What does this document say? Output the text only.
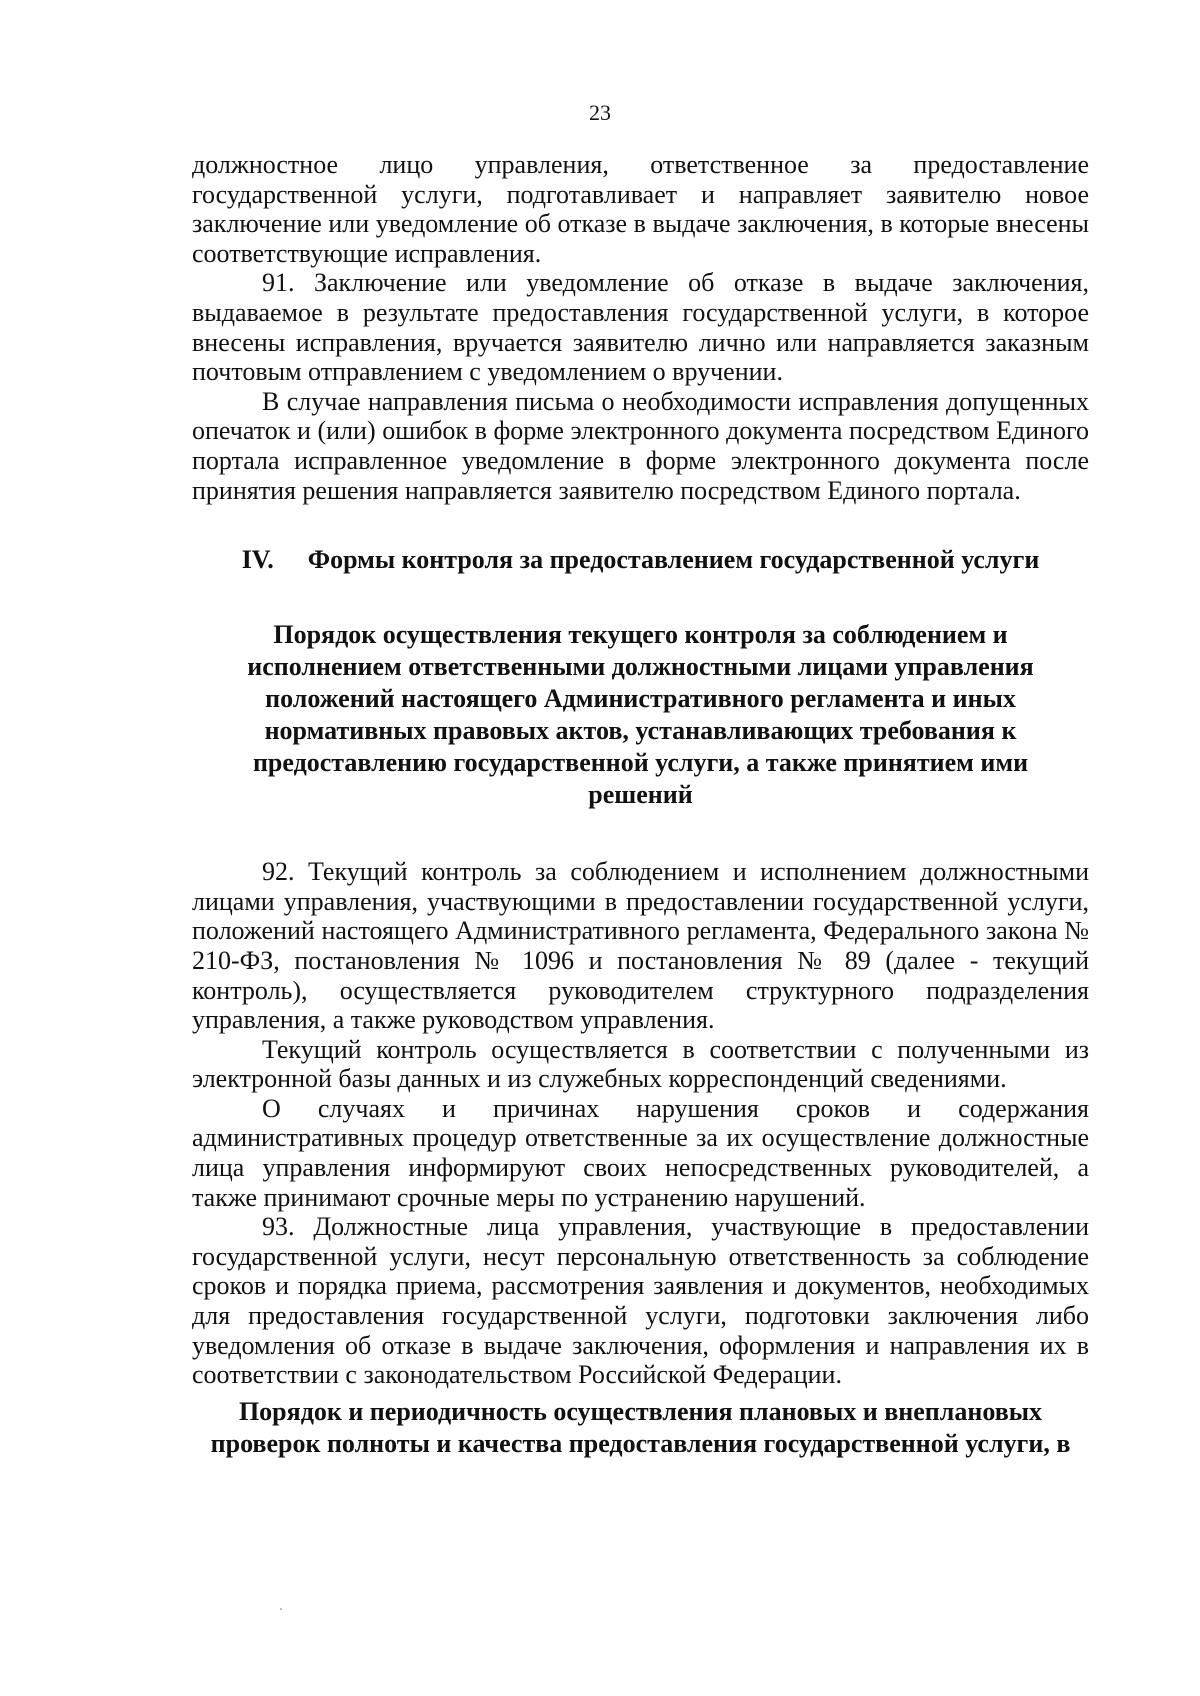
23

должностное лицо управления, ответственное за предоставление государственной услуги, подготавливает и направляет заявителю новое заключение или уведомление об отказе в выдаче заключения, в которые внесены соответствующие исправления.

91. Заключение или уведомление об отказе в выдаче заключения, выдаваемое в результате предоставления государственной услуги, в которое внесены исправления, вручается заявителю лично или направляется заказным почтовым отправлением с уведомлением о вручении.

В случае направления письма о необходимости исправления допущенных опечаток и (или) ошибок в форме электронного документа посредством Единого портала исправленное уведомление в форме электронного документа после принятия решения направляется заявителю посредством Единого портала.

IV. Формы контроля за предоставлением государственной услуги
Порядок осуществления текущего контроля за соблюдением и исполнением ответственными должностными лицами управления положений настоящего Административного регламента и иных нормативных правовых актов, устанавливающих требования к предоставлению государственной услуги, а также принятием ими решений

92. Текущий контроль за соблюдением и исполнением должностными лицами управления, участвующими в предоставлении государственной услуги, положений настоящего Административного регламента, Федерального закона № 210-ФЗ, постановления № 1096 и постановления № 89 (далее - текущий контроль), осуществляется руководителем структурного подразделения управления, а также руководством управления.

Текущий контроль осуществляется в соответствии с полученными из электронной базы данных и из служебных корреспонденций сведениями.

О случаях и причинах нарушения сроков и содержания административных процедур ответственные за их осуществление должностные лица управления информируют своих непосредственных руководителей, а также принимают срочные меры по устранению нарушений.

93. Должностные лица управления, участвующие в предоставлении государственной услуги, несут персональную ответственность за соблюдение сроков и порядка приема, рассмотрения заявления и документов, необходимых для предоставления государственной услуги, подготовки заключения либо уведомления об отказе в выдаче заключения, оформления и направления их в соответствии с законодательством Российской Федерации.

Порядок и периодичность осуществления плановых и внеплановых проверок полноты и качества предоставления государственной услуги, в
